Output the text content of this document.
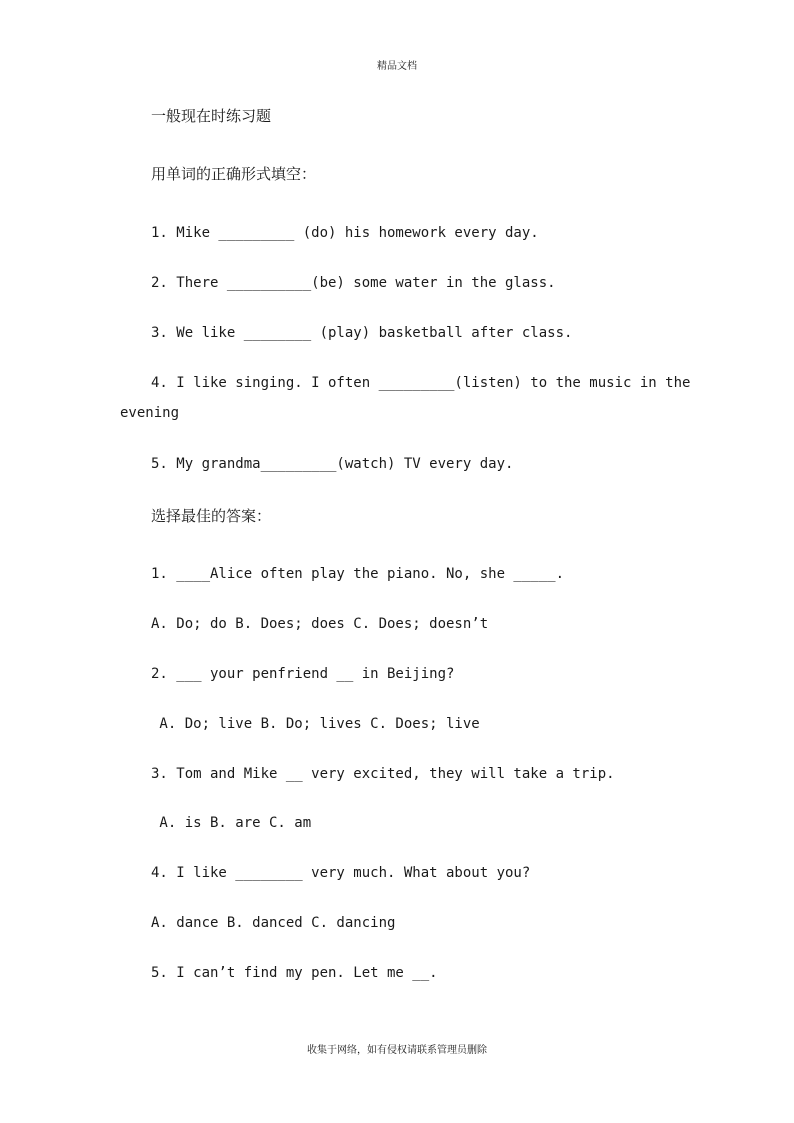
精品文档
一般现在时练习题
用单词的正确形式填空：
1. Mike _________ (do) his homework every day.
2. There __________(be) some water in the glass.
3. We like ________ (play) basketball after class.
4. I like singing. I often _________(listen) to the music in the
evening
5. My grandma_________(watch) TV every day.
选择最佳的答案：
1. ____Alice often play the piano. No, she _____.
A. Do; do B. Does; does C. Does; doesn’t
2. ___ your penfriend __ in Beijing?
A. Do; live B. Do; lives C. Does; live
3. Tom and Mike __ very excited, they will take a trip.
A. is B. are C. am
4. I like ________ very much. What about you?
A. dance B. danced C. dancing
5. I can’t find my pen. Let me __.
收集于网络，如有侵权请联系管理员删除
